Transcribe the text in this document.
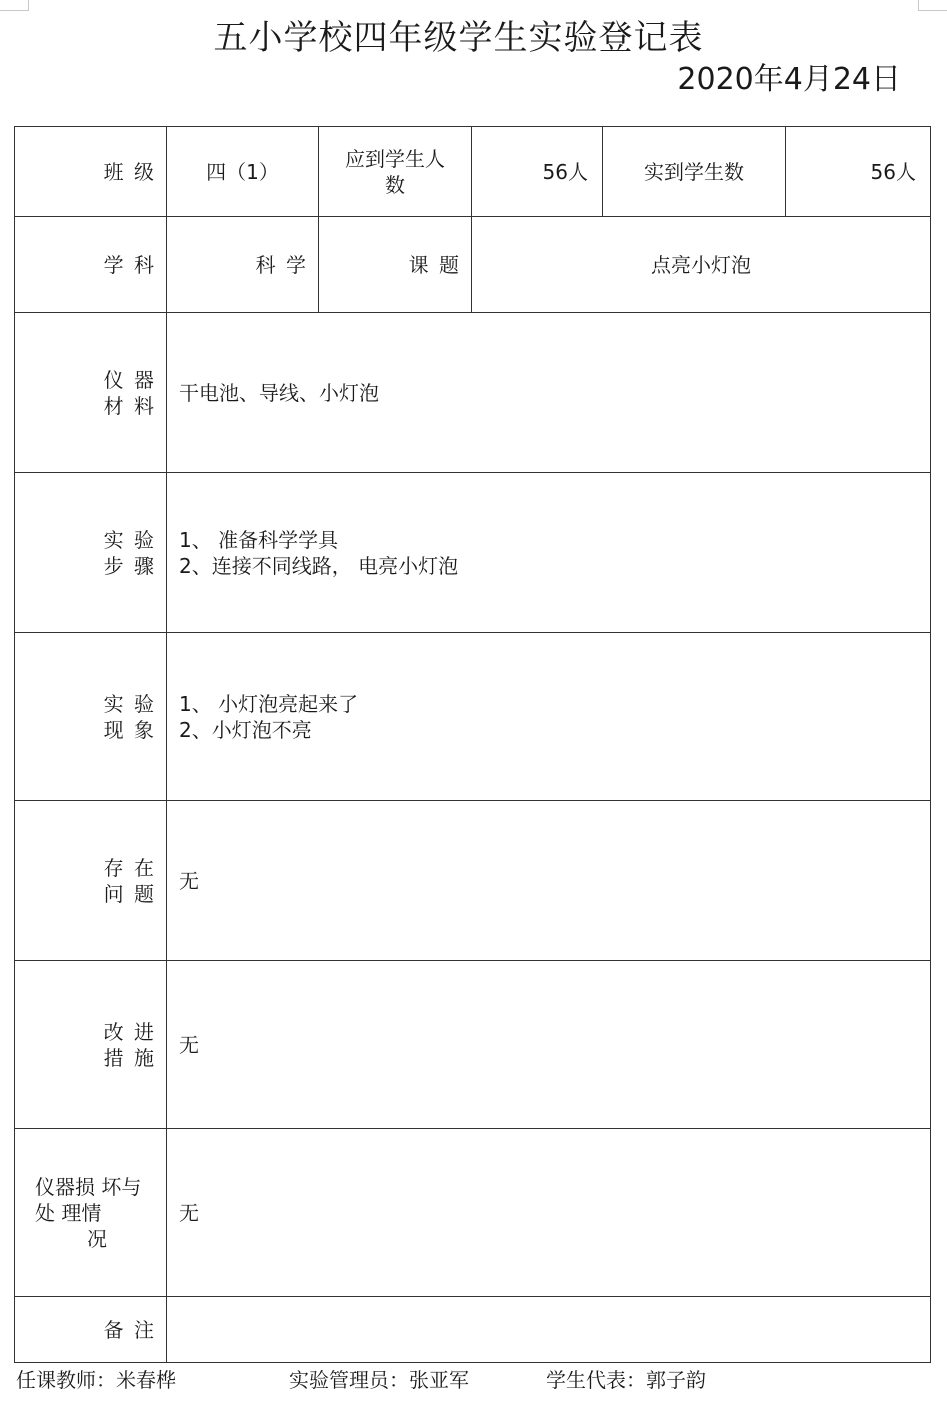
五小学校四年级学生实验登记表
2020年4月24日
班 级	四（1）	应到学生人
数	56人	实到学生数	56人
学 科	科 学	课 题	点亮小灯泡		

仪 器
材 料	干电池、导线、小灯泡				

实 验
步 骤	1、 准备科学学具
2、连接不同线路， 电亮小灯泡				

实 验
现 象	1、 小灯泡亮起来了
2、小灯泡不亮				

存 在
问 题	无				

改 进
措 施	无				

仪器损 坏与
处 理情
况	无				
备 注					
任课教师：米春桦	实验管理员：张亚军	学生代表：郭子韵
